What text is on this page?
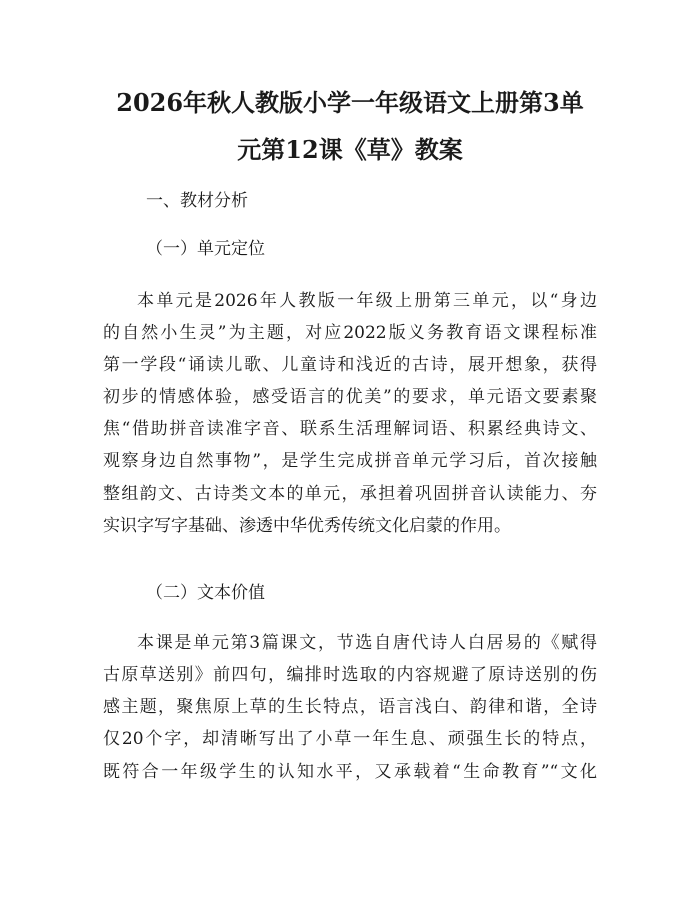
2026年秋人教版小学一年级语文上册第3单
元第12课《草》教案
一、教材分析
（一）单元定位
本单元是2026年人教版一年级上册第三单元，以“身边
的自然小生灵”为主题，对应2022版义务教育语文课程标准
第一学段“诵读儿歌、儿童诗和浅近的古诗，展开想象，获得
初步的情感体验，感受语言的优美”的要求，单元语文要素聚
焦“借助拼音读准字音、联系生活理解词语、积累经典诗文、
观察身边自然事物”，是学生完成拼音单元学习后，首次接触
整组韵文、古诗类文本的单元，承担着巩固拼音认读能力、夯
实识字写字基础、渗透中华优秀传统文化启蒙的作用。
（二）文本价值
本课是单元第3篇课文，节选自唐代诗人白居易的《赋得
古原草送别》前四句，编排时选取的内容规避了原诗送别的伤
感主题，聚焦原上草的生长特点，语言浅白、韵律和谐，全诗
仅20个字，却清晰写出了小草一年生息、顽强生长的特点，
既符合一年级学生的认知水平，又承载着“生命教育”“文化
